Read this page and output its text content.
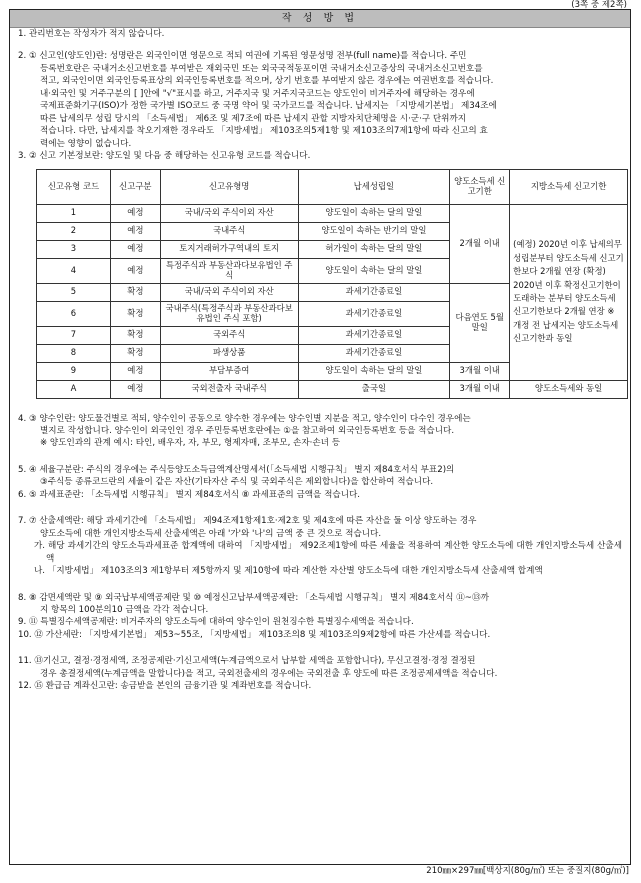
(3쪽 중 제2쪽)
작 성 방 법

1. 관리번호는 작성자가 적지 않습니다.

2. ① 신고인(양도인)란: 성명란은 외국인이면 영문으로 적되 여권에 기록된 영문성명 전부(full name)를 적습니다. 주민

등록번호란은 국내거소신고번호를 부여받은 재외국민 또는 외국국적동포이면 국내거소신고증상의 국내거소신고번호를

적고, 외국인이면 외국인등록표상의 외국인등록번호를 적으며, 상기 번호를 부여받지 않은 경우에는 여권번호를 적습니다.

내·외국인 및 거주구분의 [ ]안에 "√"표시를 하고, 거주지국 및 거주지국코드는 양도인이 비거주자에 해당하는 경우에

국제표준화기구(ISO)가 정한 국가별 ISO코드 중 국명 약어 및 국가코드를 적습니다. 납세지는 「지방세기본법」 제34조에

따른 납세의무 성립 당시의 「소득세법」 제6조 및 제7조에 따른 납세지 관할 지방자치단체명을 시·군·구 단위까지

적습니다. 다만, 납세지를 착오기재한 경우라도 「지방세법」 제103조의5제1항 및 제103조의7제1항에 따라 신고의 효

력에는 영향이 없습니다.

3. ② 신고 기본정보란: 양도일 및 다음 중 해당하는 신고유형 코드를 적습니다.

신고유형 코드	신고구분	신고유형명	납세성립일	양도소득세 신고기한	지방소득세 신고기한
1	예정	국내/국외 주식이외 자산	양도일이 속하는 달의 말일	2개월 이내	(예정) 2020년 이후 납세의무성립분부터 양도소득세 신고기한보다 2개월 연장 (확정) 2020년 이후 확정신고기한이 도래하는 분부터 양도소득세 신고기한보다 2개월 연장 ※ 개정 전 납세지는 양도소득세 신고기한과 동일
2	예정	국내주식	양도일이 속하는 반기의 말일		
3	예정	토지거래허가구역내의 토지	허가일이 속하는 달의 말일		
4	예정	특정주식과 부동산과다보유법인 주식	양도일이 속하는 달의 말일		
5	확정	국내/국외 주식이외 자산	과세기간종료일	다음연도 5월말일	
6	확정	국내주식(특정주식과 부동산과다보유법인 주식 포함)	과세기간종료일		
7	확정	국외주식	과세기간종료일		
8	확정	파생상품	과세기간종료일		
9	예정	부담부증여	양도일이 속하는 달의 말일	3개월 이내	
A	예정	국외전출자 국내주식	출국일	3개월 이내	양도소득세와 동일

4. ③ 양수인란: 양도물건별로 적되, 양수인이 공동으로 양수한 경우에는 양수인별 지분을 적고, 양수인이 다수인 경우에는

별지로 작성합니다. 양수인이 외국인인 경우 주민등록번호란에는 ①을 참고하여 외국인등록번호 등을 적습니다.

※ 양도인과의 관계 예시: 타인, 배우자, 자, 부모, 형제자매, 조부모, 손자·손녀 등

5. ④ 세율구분란: 주식의 경우에는 주식등양도소득금액계산명세서(「소득세법 시행규칙」 별지 제84호서식 부표2)의

③주식등 종류코드란의 세율이 같은 자산(기타자산 주식 및 국외주식은 제외합니다)을 합산하여 적습니다.

6. ⑤ 과세표준란: 「소득세법 시행규칙」 별지 제84호서식 ⑧ 과세표준의 금액을 적습니다.

7. ⑦ 산출세액란: 해당 과세기간에 「소득세법」 제94조제1항제1호·제2호 및 제4호에 따른 자산을 둘 이상 양도하는 경우

양도소득에 대한 개인지방소득세 산출세액은 아래 '가'와 '나'의 금액 중 큰 것으로 적습니다.

가. 해당 과세기간의 양도소득과세표준 합계액에 대하여 「지방세법」 제92조제1항에 따른 세율을 적용하여 계산한 양도소득에 대한 개인지방소득세 산출세액

나. 「지방세법」 제103조의3 제1항부터 제5항까지 및 제10항에 따라 계산한 자산별 양도소득에 대한 개인지방소득세 산출세액 합계액

8. ⑧ 감면세액란 및 ⑨ 외국납부세액공제란 및 ⑩ 예정신고납부세액공제란: 「소득세법 시행규칙」 별지 제84호서식 ⑪~⑬까

지 항목의 100분의10 금액을 각각 적습니다.

9. ⑪ 특별징수세액공제란: 비거주자의 양도소득에 대하여 양수인이 원천징수한 특별징수세액을 적습니다.

10. ⑫ 가산세란: 「지방세기본법」 제53~55조, 「지방세법」 제103조의8 및 제103조의9제2항에 따른 가산세를 적습니다.

11. ⑬기신고, 결정·경정세액, 조정공제란·기신고세액(누계금액으로서 납부할 세액을 포함합니다), 무신고결정·경정 결정된

경우 총결정세액(누계금액을 말합니다)을 적고, 국외전출세의 경우에는 국외전출 후 양도에 따른 조정공제세액을 적습니다.

12. ⑮ 환급금 계좌신고란: 송금받을 본인의 금융기관 및 계좌번호를 적습니다.

210㎜×297㎜[백상지(80g/㎡) 또는 중질지(80g/㎡)]
